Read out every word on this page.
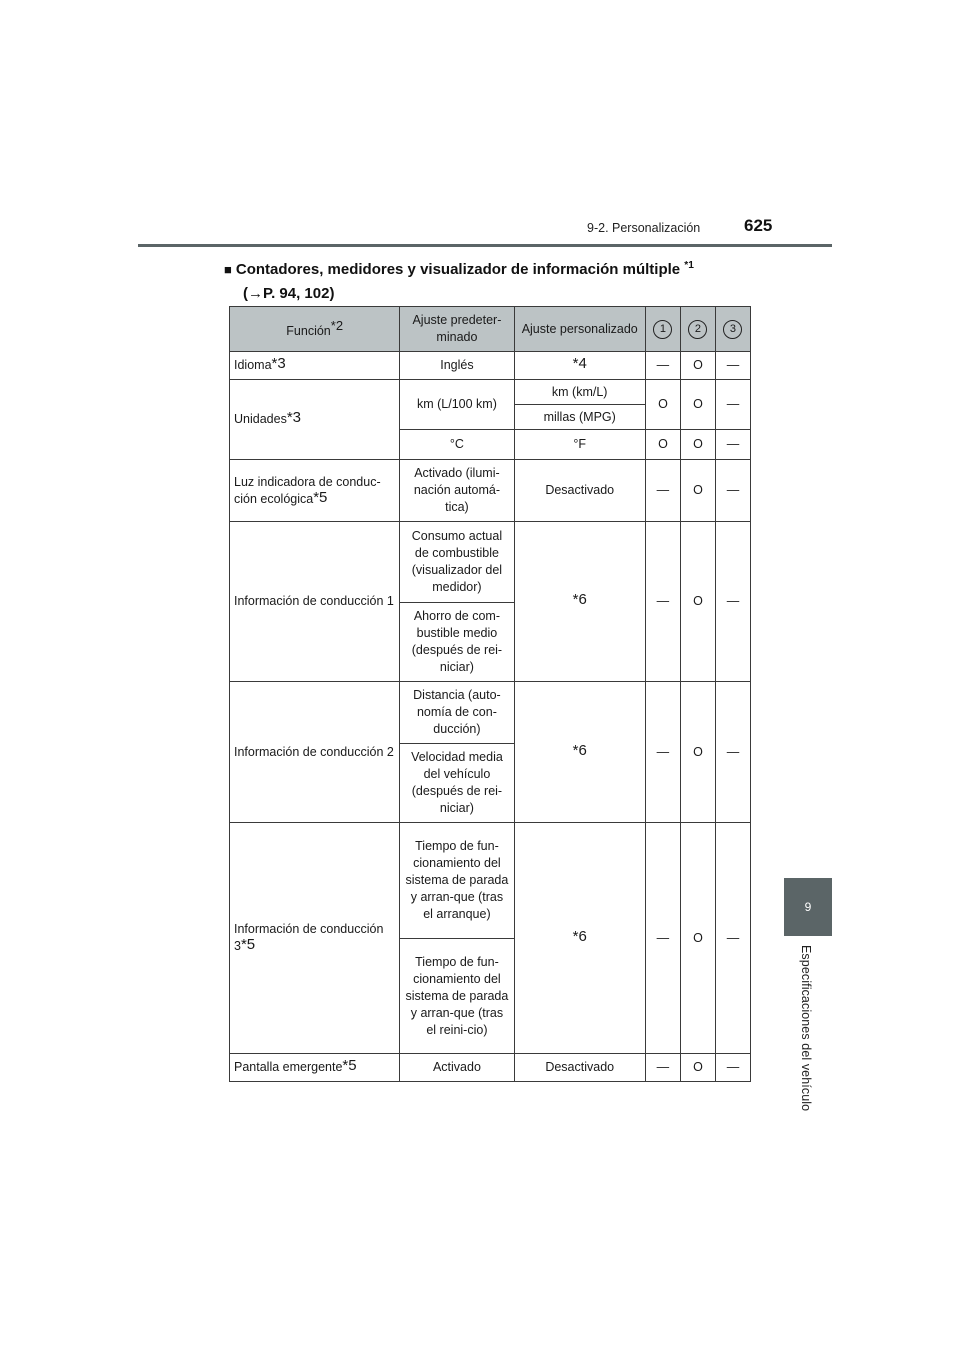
9-2. Personalización	625
9
Especificaciones del vehículo
■ Contadores, medidores y visualizador de información múltiple $^{*1}$
(→P. 94, 102)
Función$^{*2}$	Ajuste predeter-minado	Ajuste personalizado	1	2	3
Idioma$^{*3}$	Inglés	*4	—	O	—
Unidades$^{*3}$	km (L/100 km)	km (km/L)	O	O	—
		millas (MPG)			
	°C	°F	O	O	—
Luz indicadora de conduc-ción ecológica$^{*5}$	Activado (ilumi-nación automá-tica)	Desactivado	—	O	—
Información de conducción 1	Consumo actual de combustible (visualizador del medidor)	*6	—	O	—
	Ahorro de com-bustible medio (después de rei-niciar)				
Información de conducción 2	Distancia (auto-nomía de con-ducción)	*6	—	O	—
	Velocidad media del vehículo (después de rei-niciar)				
Información de conducción 3$^{*5}$	Tiempo de fun-cionamiento del sistema de parada y arran-que (tras el arranque)	*6	—	O	—
	Tiempo de fun-cionamiento del sistema de parada y arran-que (tras el reini-cio)				
Pantalla emergente$^{*5}$	Activado	Desactivado	—	O	—
